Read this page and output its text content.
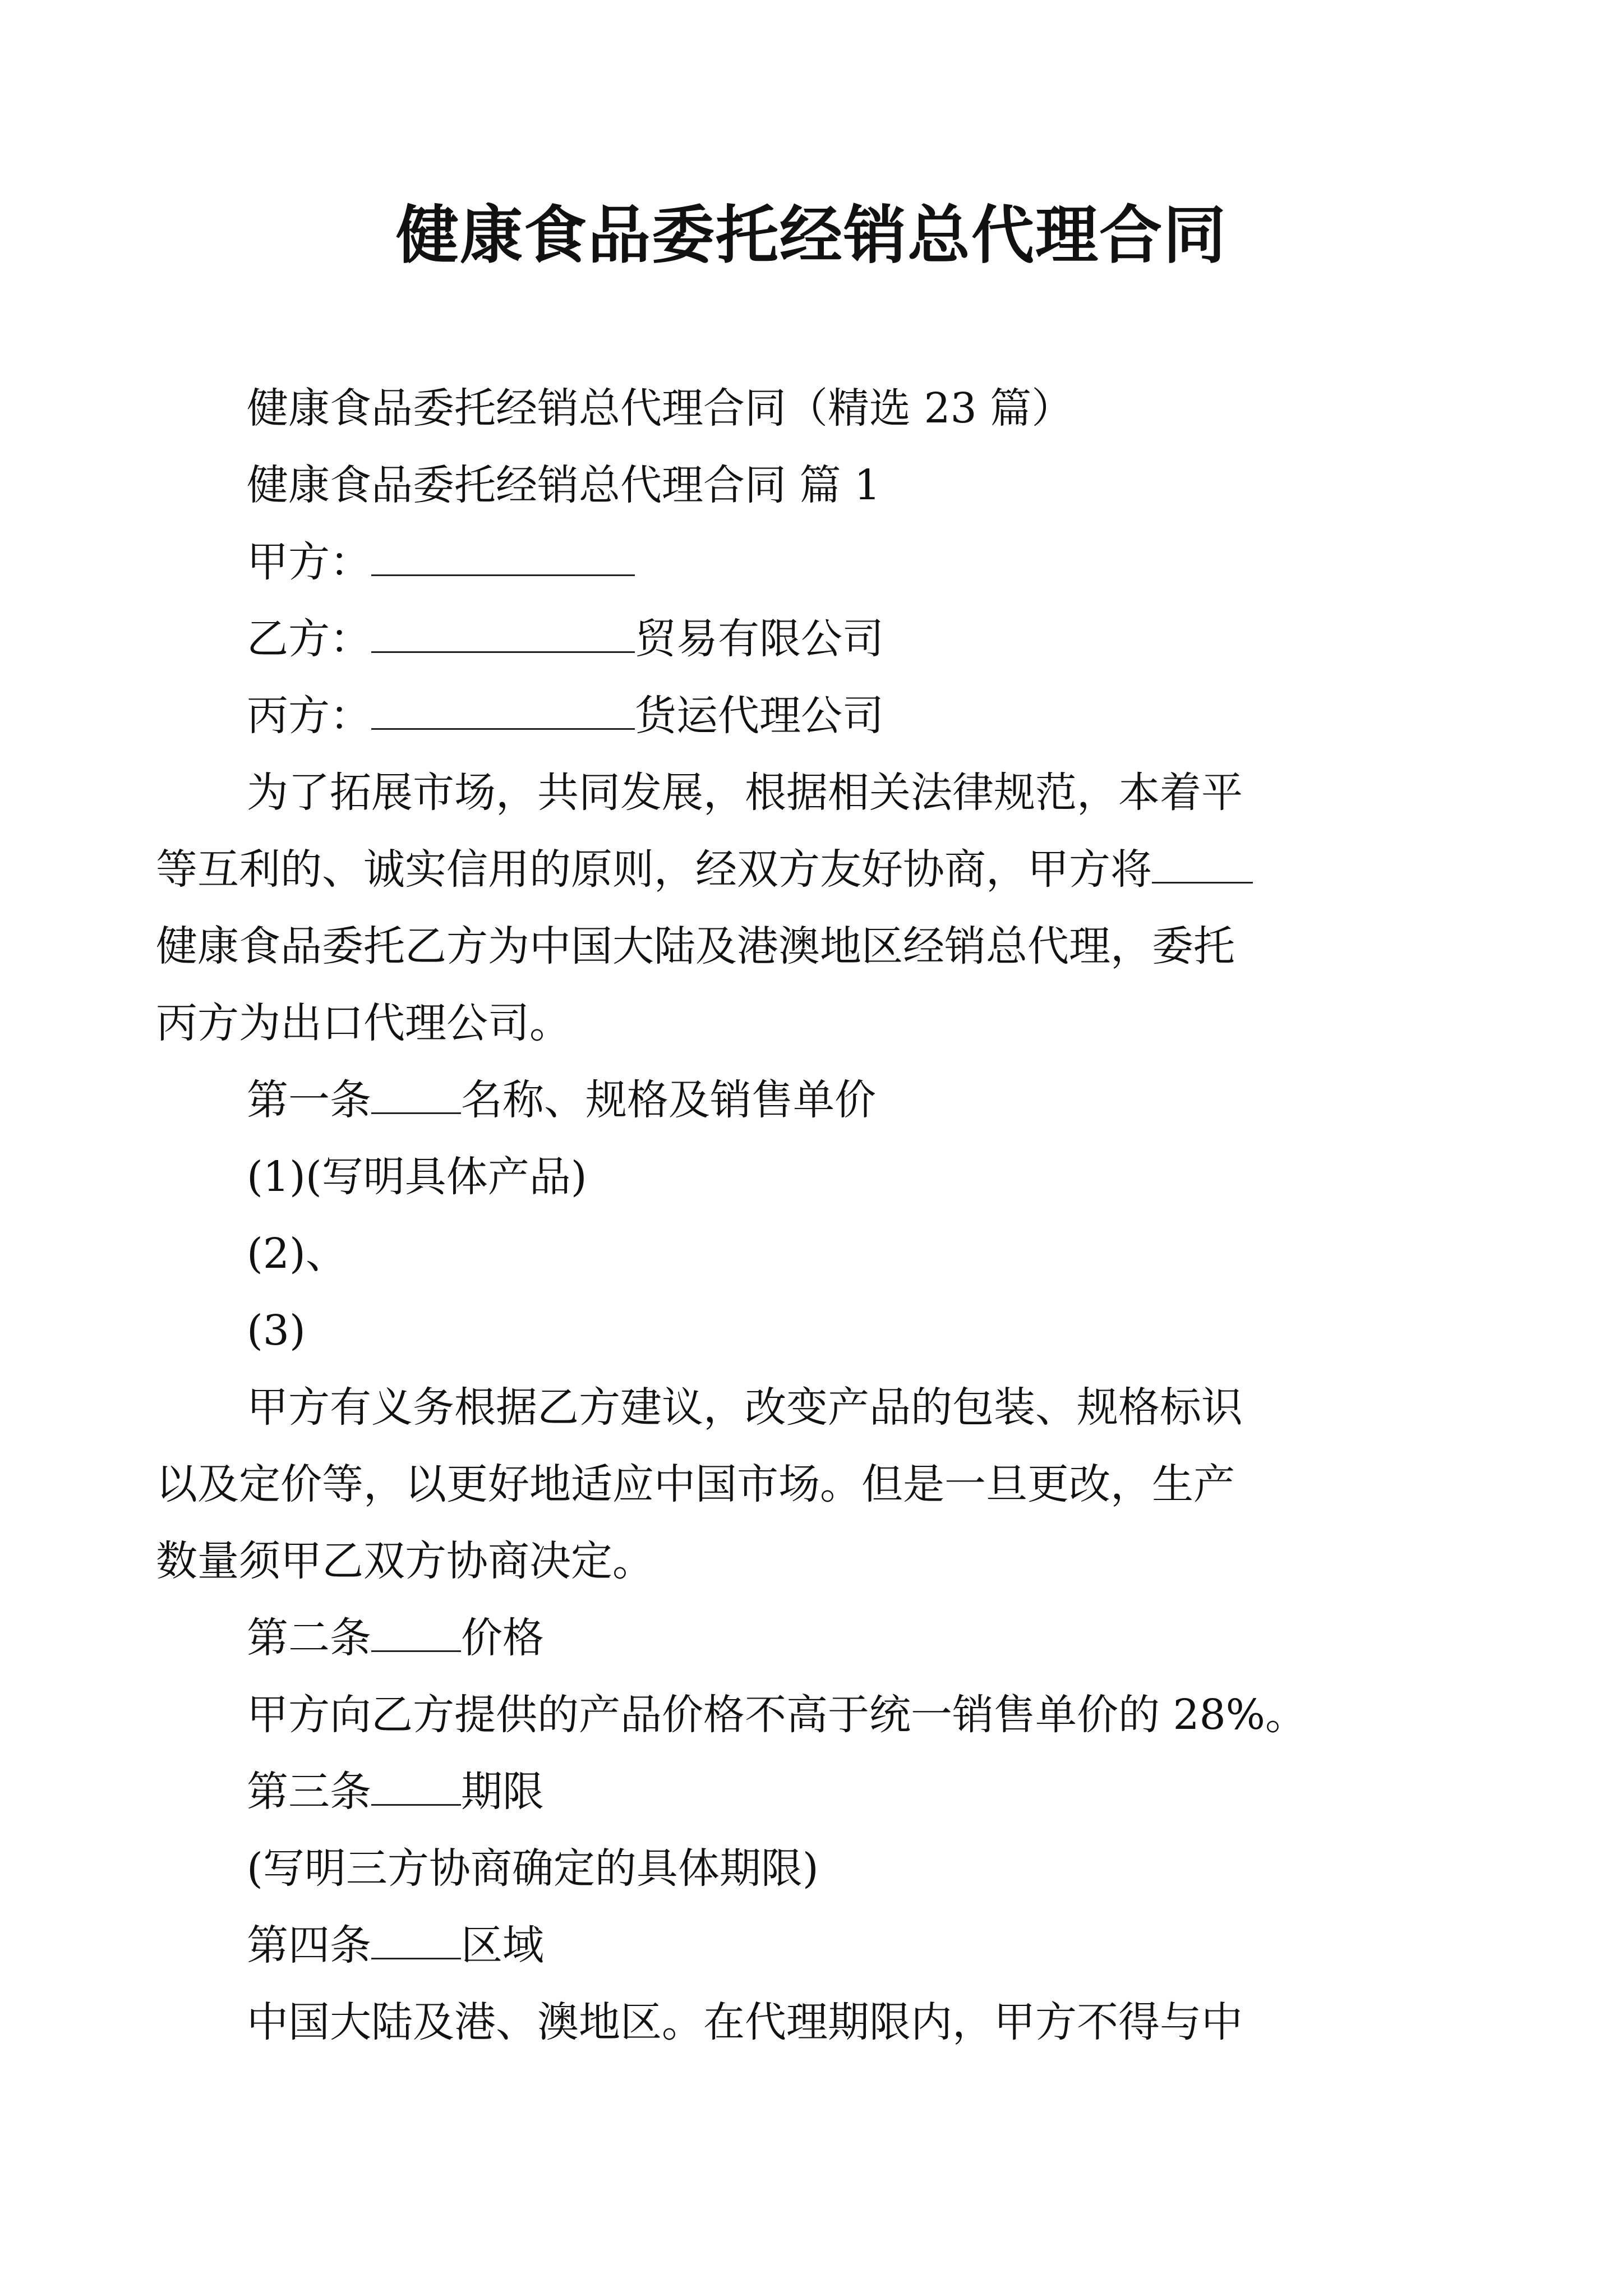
健康食品委托经销总代理合同
健康食品委托经销总代理合同（精选 23 篇）
健康食品委托经销总代理合同 篇 1
甲方：
乙方：	贸易有限公司
丙方：	货运代理公司
为了拓展市场，共同发展，根据相关法律规范，本着平
等互利的、诚实信用的原则，经双方友好协商，甲方将
健康食品委托乙方为中国大陆及港澳地区经销总代理，委托
丙方为出口代理公司。
第一条 名称、规格及销售单价
(1)(写明具体产品)
(2)、
(3)
甲方有义务根据乙方建议，改变产品的包装、规格标识
以及定价等，以更好地适应中国市场。但是一旦更改，生产
数量须甲乙双方协商决定。
第二条 价格
甲方向乙方提供的产品价格不高于统一销售单价的 28%。
第三条 期限
(写明三方协商确定的具体期限)
第四条 区域
中国大陆及港、澳地区。在代理期限内，甲方不得与中
